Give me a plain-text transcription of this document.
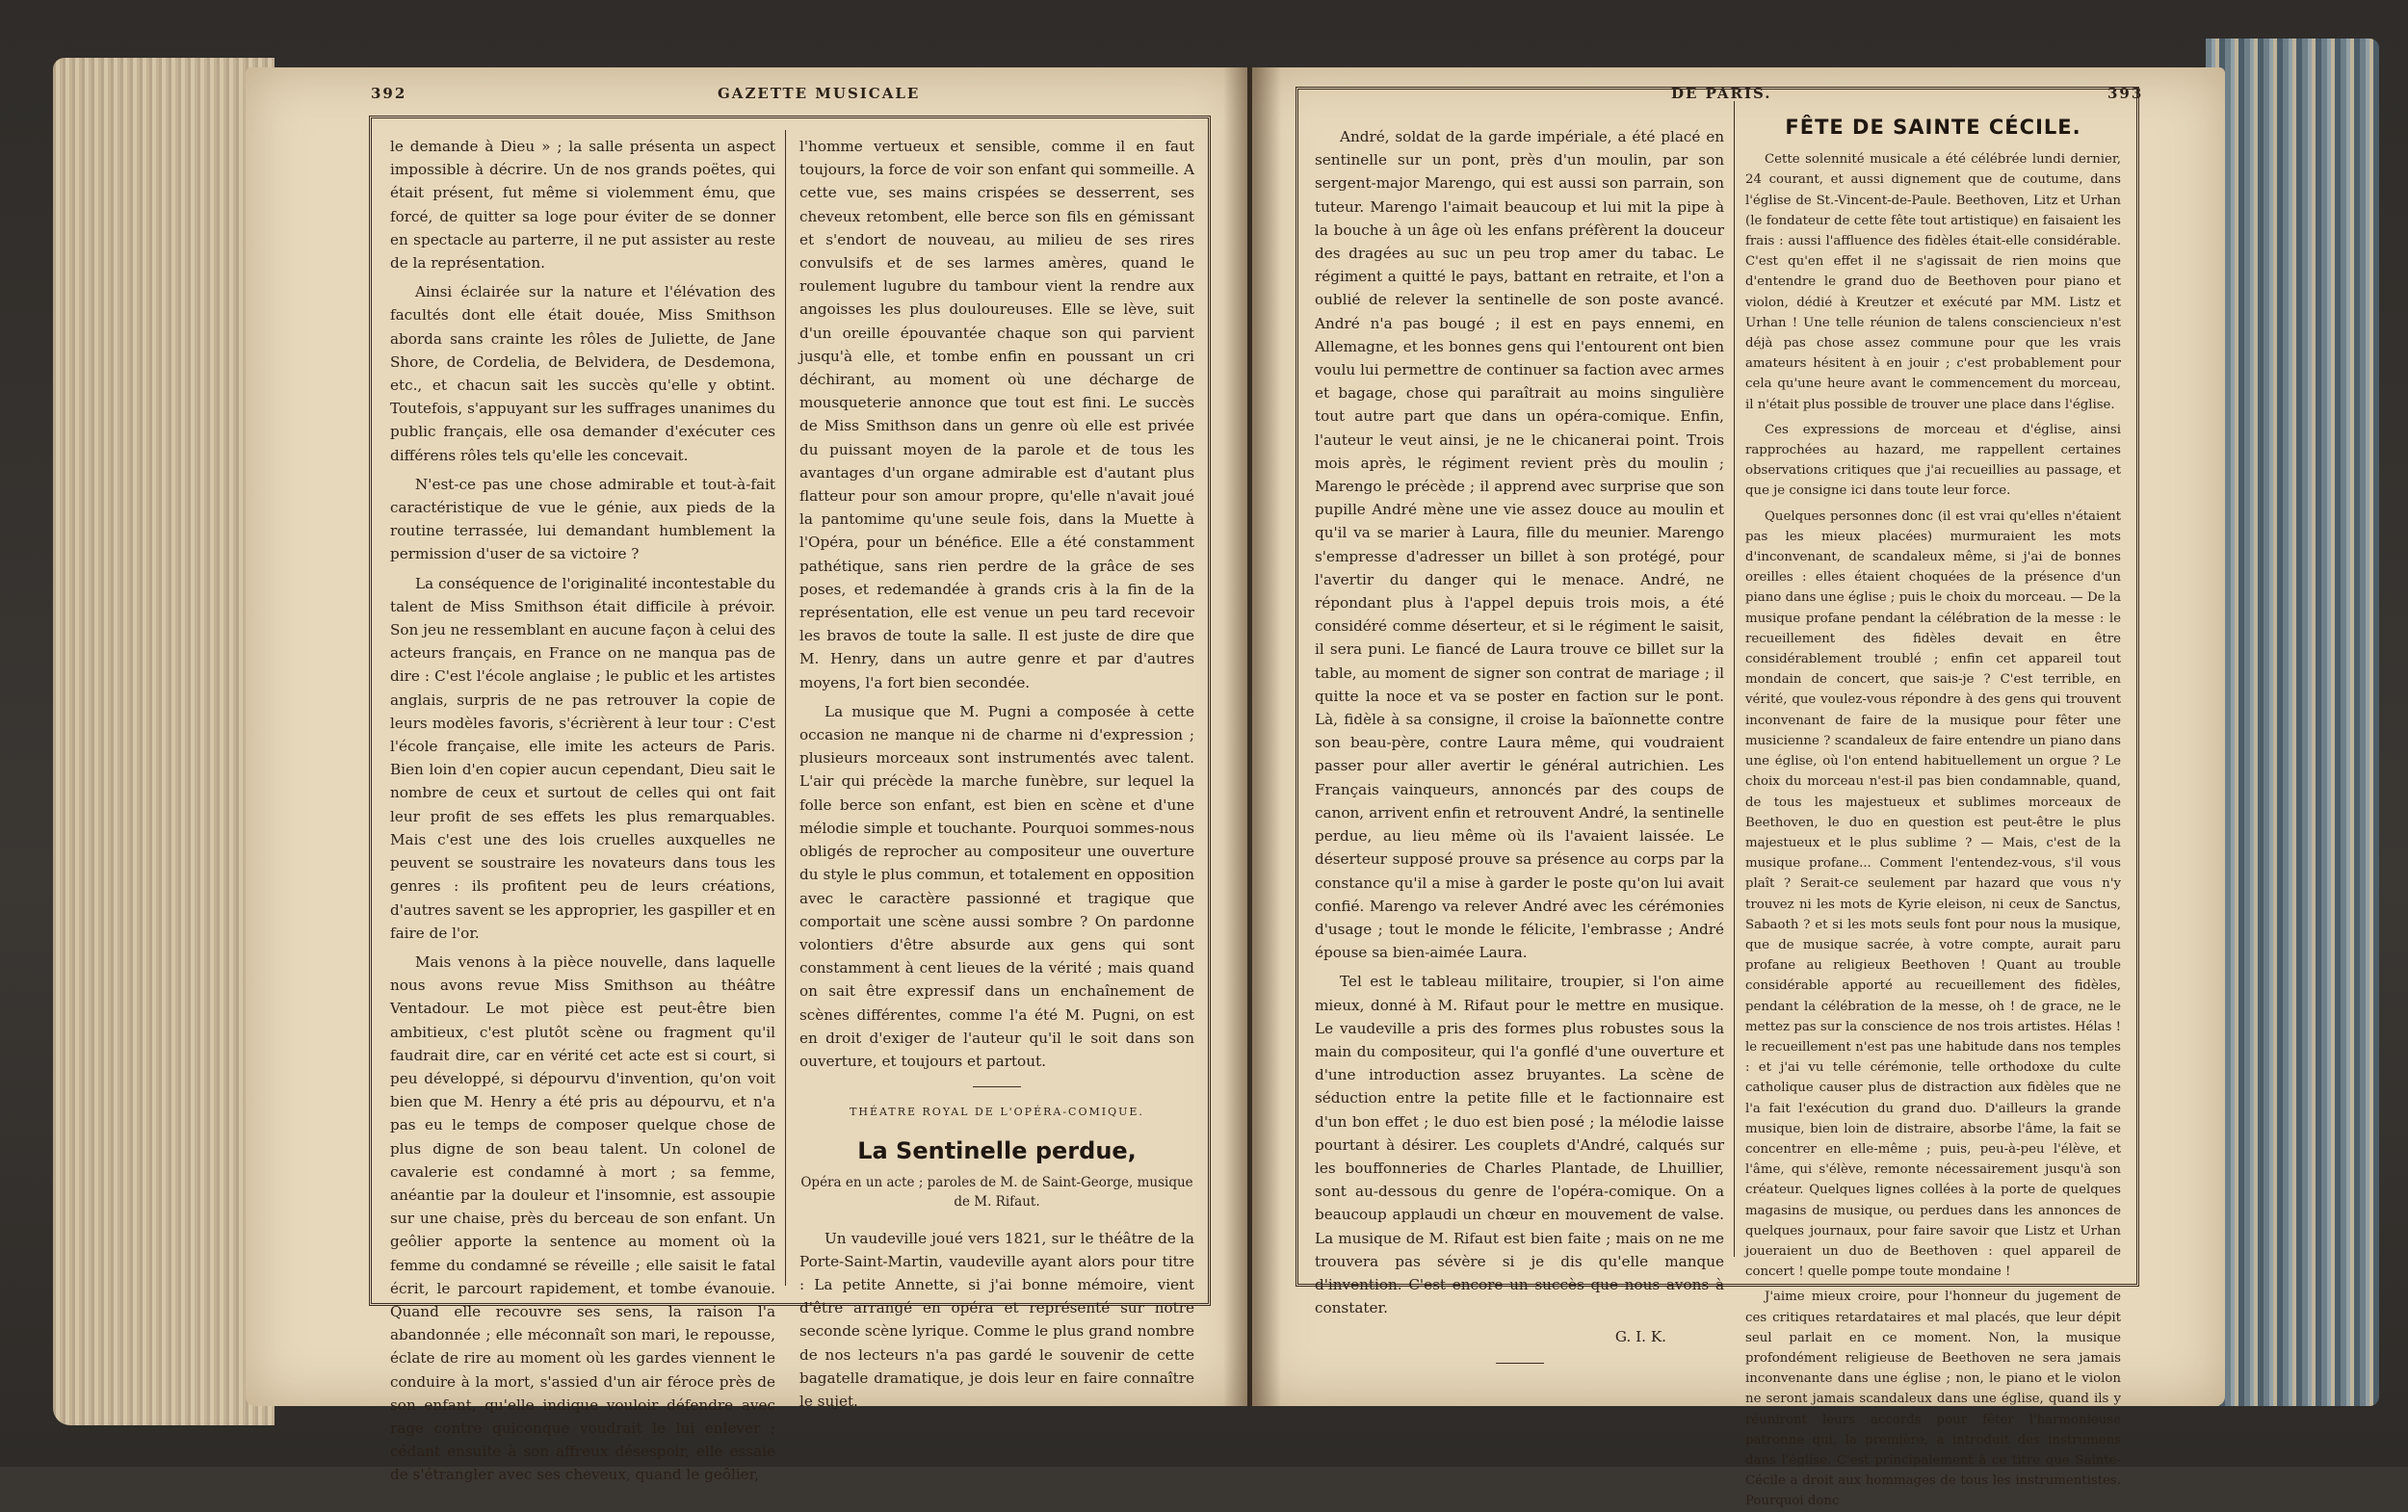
392	GAZETTE MUSICALE	DE PARIS.	393

le demande à Dieu » ; la salle présenta un aspect impossible à décrire. Un de nos grands poëtes, qui était présent, fut même si violemment ému, que forcé, de quitter sa loge pour éviter de se donner en spectacle au parterre, il ne put assister au reste de la représentation.

Ainsi éclairée sur la nature et l'élévation des facultés dont elle était douée, Miss Smithson aborda sans crainte les rôles de Juliette, de Jane Shore, de Cordelia, de Belvidera, de Desdemona, etc., et chacun sait les succès qu'elle y obtint. Toutefois, s'appuyant sur les suffrages unanimes du public français, elle osa demander d'exécuter ces différens rôles tels qu'elle les concevait.

N'est-ce pas une chose admirable et tout-à-fait caractéristique de vue le génie, aux pieds de la routine terrassée, lui demandant humblement la permission d'user de sa victoire ?

La conséquence de l'originalité incontestable du talent de Miss Smithson était difficile à prévoir. Son jeu ne ressemblant en aucune façon à celui des acteurs français, en France on ne manqua pas de dire : C'est l'école anglaise ; le public et les artistes anglais, surpris de ne pas retrouver la copie de leurs modèles favoris, s'écrièrent à leur tour : C'est l'école française, elle imite les acteurs de Paris. Bien loin d'en copier aucun cependant, Dieu sait le nombre de ceux et surtout de celles qui ont fait leur profit de ses effets les plus remarquables. Mais c'est une des lois cruelles auxquelles ne peuvent se soustraire les novateurs dans tous les genres : ils profitent peu de leurs créations, d'autres savent se les approprier, les gaspiller et en faire de l'or.

Mais venons à la pièce nouvelle, dans laquelle nous avons revue Miss Smithson au théâtre Ventadour. Le mot pièce est peut-être bien ambitieux, c'est plutôt scène ou fragment qu'il faudrait dire, car en vérité cet acte est si court, si peu développé, si dépourvu d'invention, qu'on voit bien que M. Henry a été pris au dépourvu, et n'a pas eu le temps de composer quelque chose de plus digne de son beau talent. Un colonel de cavalerie est condamné à mort ; sa femme, anéantie par la douleur et l'insomnie, est assoupie sur une chaise, près du berceau de son enfant. Un geôlier apporte la sentence au moment où la femme du condamné se réveille ; elle saisit le fatal écrit, le parcourt rapidement, et tombe évanouie. Quand elle recouvre ses sens, la raison l'a abandonnée ; elle méconnaît son mari, le repousse, éclate de rire au moment où les gardes viennent le conduire à la mort, s'assied d'un air féroce près de son enfant, qu'elle indique vouloir défendre avec rage contre quiconque voudrait le lui enlever ; cédant ensuite à son affreux désespoir, elle essaie de s'étrangler avec ses cheveux, quand le geôlier,

l'homme vertueux et sensible, comme il en faut toujours, la force de voir son enfant qui sommeille. A cette vue, ses mains crispées se desserrent, ses cheveux retombent, elle berce son fils en gémissant et s'endort de nouveau, au milieu de ses rires convulsifs et de ses larmes amères, quand le roulement lugubre du tambour vient la rendre aux angoisses les plus douloureuses. Elle se lève, suit d'un oreille épouvantée chaque son qui parvient jusqu'à elle, et tombe enfin en poussant un cri déchirant, au moment où une décharge de mousqueterie annonce que tout est fini. Le succès de Miss Smithson dans un genre où elle est privée du puissant moyen de la parole et de tous les avantages d'un organe admirable est d'autant plus flatteur pour son amour propre, qu'elle n'avait joué la pantomime qu'une seule fois, dans la Muette à l'Opéra, pour un bénéfice. Elle a été constamment pathétique, sans rien perdre de la grâce de ses poses, et redemandée à grands cris à la fin de la représentation, elle est venue un peu tard recevoir les bravos de toute la salle. Il est juste de dire que M. Henry, dans un autre genre et par d'autres moyens, l'a fort bien secondée.

La musique que M. Pugni a composée à cette occasion ne manque ni de charme ni d'expression ; plusieurs morceaux sont instrumentés avec talent. L'air qui précède la marche funèbre, sur lequel la folle berce son enfant, est bien en scène et d'une mélodie simple et touchante. Pourquoi sommes-nous obligés de reprocher au compositeur une ouverture du style le plus commun, et totalement en opposition avec le caractère passionné et tragique que comportait une scène aussi sombre ? On pardonne volontiers d'être absurde aux gens qui sont constamment à cent lieues de la vérité ; mais quand on sait être expressif dans un enchaînement de scènes différentes, comme l'a été M. Pugni, on est en droit d'exiger de l'auteur qu'il le soit dans son ouverture, et toujours et partout.

THÉATRE ROYAL DE L'OPÉRA-COMIQUE.
La Sentinelle perdue,
Opéra en un acte ; paroles de M. de Saint-George, musique de M. Rifaut.

Un vaudeville joué vers 1821, sur le théâtre de la Porte-Saint-Martin, vaudeville ayant alors pour titre : La petite Annette, si j'ai bonne mémoire, vient d'être arrangé en opéra et représenté sur notre seconde scène lyrique. Comme le plus grand nombre de nos lecteurs n'a pas gardé le souvenir de cette bagatelle dramatique, je dois leur en faire connaître le sujet.

André, soldat de la garde impériale, a été placé en sentinelle sur un pont, près d'un moulin, par son sergent-major Marengo, qui est aussi son parrain, son tuteur. Marengo l'aimait beaucoup et lui mit la pipe à la bouche à un âge où les enfans préfèrent la douceur des dragées au suc un peu trop amer du tabac. Le régiment a quitté le pays, battant en retraite, et l'on a oublié de relever la sentinelle de son poste avancé. André n'a pas bougé ; il est en pays ennemi, en Allemagne, et les bonnes gens qui l'entourent ont bien voulu lui permettre de continuer sa faction avec armes et bagage, chose qui paraîtrait au moins singulière tout autre part que dans un opéra-comique. Enfin, l'auteur le veut ainsi, je ne le chicanerai point. Trois mois après, le régiment revient près du moulin ; Marengo le précède ; il apprend avec surprise que son pupille André mène une vie assez douce au moulin et qu'il va se marier à Laura, fille du meunier. Marengo s'empresse d'adresser un billet à son protégé, pour l'avertir du danger qui le menace. André, ne répondant plus à l'appel depuis trois mois, a été considéré comme déserteur, et si le régiment le saisit, il sera puni. Le fiancé de Laura trouve ce billet sur la table, au moment de signer son contrat de mariage ; il quitte la noce et va se poster en faction sur le pont. Là, fidèle à sa consigne, il croise la baïonnette contre son beau-père, contre Laura même, qui voudraient passer pour aller avertir le général autrichien. Les Français vainqueurs, annoncés par des coups de canon, arrivent enfin et retrouvent André, la sentinelle perdue, au lieu même où ils l'avaient laissée. Le déserteur supposé prouve sa présence au corps par la constance qu'il a mise à garder le poste qu'on lui avait confié. Marengo va relever André avec les cérémonies d'usage ; tout le monde le félicite, l'embrasse ; André épouse sa bien-aimée Laura.

Tel est le tableau militaire, troupier, si l'on aime mieux, donné à M. Rifaut pour le mettre en musique. Le vaudeville a pris des formes plus robustes sous la main du compositeur, qui l'a gonflé d'une ouverture et d'une introduction assez bruyantes. La scène de séduction entre la petite fille et le factionnaire est d'un bon effet ; le duo est bien posé ; la mélodie laisse pourtant à désirer. Les couplets d'André, calqués sur les bouffonneries de Charles Plantade, de Lhuillier, sont au-dessous du genre de l'opéra-comique. On a beaucoup applaudi un chœur en mouvement de valse. La musique de M. Rifaut est bien faite ; mais on ne me trouvera pas sévère si je dis qu'elle manque d'invention. C'est encore un succès que nous avons à constater.

G. I. K.
FÊTE DE SAINTE CÉCILE.

Cette solennité musicale a été célébrée lundi dernier, 24 courant, et aussi dignement que de coutume, dans l'église de St.-Vincent-de-Paule. Beethoven, Litz et Urhan (le fondateur de cette fête tout artistique) en faisaient les frais : aussi l'affluence des fidèles était-elle considérable. C'est qu'en effet il ne s'agissait de rien moins que d'entendre le grand duo de Beethoven pour piano et violon, dédié à Kreutzer et exécuté par MM. Listz et Urhan ! Une telle réunion de talens consciencieux n'est déjà pas chose assez commune pour que les vrais amateurs hésitent à en jouir ; c'est probablement pour cela qu'une heure avant le commencement du morceau, il n'était plus possible de trouver une place dans l'église.

Ces expressions de morceau et d'église, ainsi rapprochées au hazard, me rappellent certaines observations critiques que j'ai recueillies au passage, et que je consigne ici dans toute leur force.

Quelques personnes donc (il est vrai qu'elles n'étaient pas les mieux placées) murmuraient les mots d'inconvenant, de scandaleux même, si j'ai de bonnes oreilles : elles étaient choquées de la présence d'un piano dans une église ; puis le choix du morceau. — De la musique profane pendant la célébration de la messe : le recueillement des fidèles devait en être considérablement troublé ; enfin cet appareil tout mondain de concert, que sais-je ? C'est terrible, en vérité, que voulez-vous répondre à des gens qui trouvent inconvenant de faire de la musique pour fêter une musicienne ? scandaleux de faire entendre un piano dans une église, où l'on entend habituellement un orgue ? Le choix du morceau n'est-il pas bien condamnable, quand, de tous les majestueux et sublimes morceaux de Beethoven, le duo en question est peut-être le plus majestueux et le plus sublime ? — Mais, c'est de la musique profane... Comment l'entendez-vous, s'il vous plaît ? Serait-ce seulement par hazard que vous n'y trouvez ni les mots de Kyrie eleison, ni ceux de Sanctus, Sabaoth ? et si les mots seuls font pour nous la musique, que de musique sacrée, à votre compte, aurait paru profane au religieux Beethoven ! Quant au trouble considérable apporté au recueillement des fidèles, pendant la célébration de la messe, oh ! de grace, ne le mettez pas sur la conscience de nos trois artistes. Hélas ! le recueillement n'est pas une habitude dans nos temples : et j'ai vu telle cérémonie, telle orthodoxe du culte catholique causer plus de distraction aux fidèles que ne l'a fait l'exécution du grand duo. D'ailleurs la grande musique, bien loin de distraire, absorbe l'âme, la fait se concentrer en elle-même ; puis, peu-à-peu l'élève, et l'âme, qui s'élève, remonte nécessairement jusqu'à son créateur. Quelques lignes collées à la porte de quelques magasins de musique, ou perdues dans les annonces de quelques journaux, pour faire savoir que Listz et Urhan joueraient un duo de Beethoven : quel appareil de concert ! quelle pompe toute mondaine !

J'aime mieux croire, pour l'honneur du jugement de ces critiques retardataires et mal placés, que leur dépit seul parlait en ce moment. Non, la musique profondément religieuse de Beethoven ne sera jamais inconvenante dans une église ; non, le piano et le violon ne seront jamais scandaleux dans une église, quand ils y réuniront leurs accords pour fêter l'harmonieuse patronne qui, la première, a introduit des instrumens dans l'église. C'est principalement à ce titre que Sainte-Cécile a droit aux hommages de tous les instrumentistes. Pourquoi donc
